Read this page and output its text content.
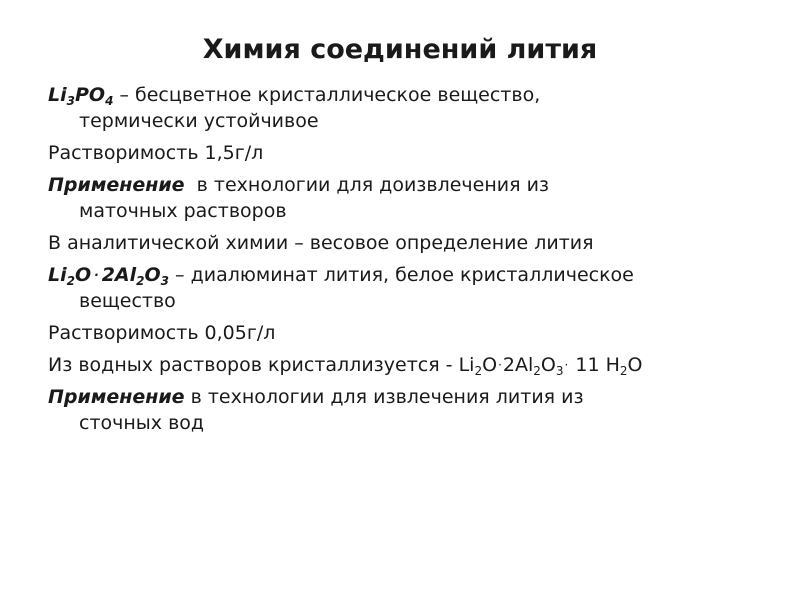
Химия соединений лития
$Li_3PO_4$ – бесцветное кристаллическое вещество,
термически устойчивое
Растворимость 1,5г/л
Применение  в технологии для доизвлечения из
маточных растворов
В аналитической химии – весовое определение лития
$Li_2O \cdot 2Al_2O_3$ – диалюминат лития, белое кристаллическое
вещество
Растворимость 0,05г/л
Из водных растворов кристаллизуется - $Li_2O\cdot 2Al_2O_3\cdot 11$ $H_2O$
Применение в технологии для извлечения лития из
сточных вод
